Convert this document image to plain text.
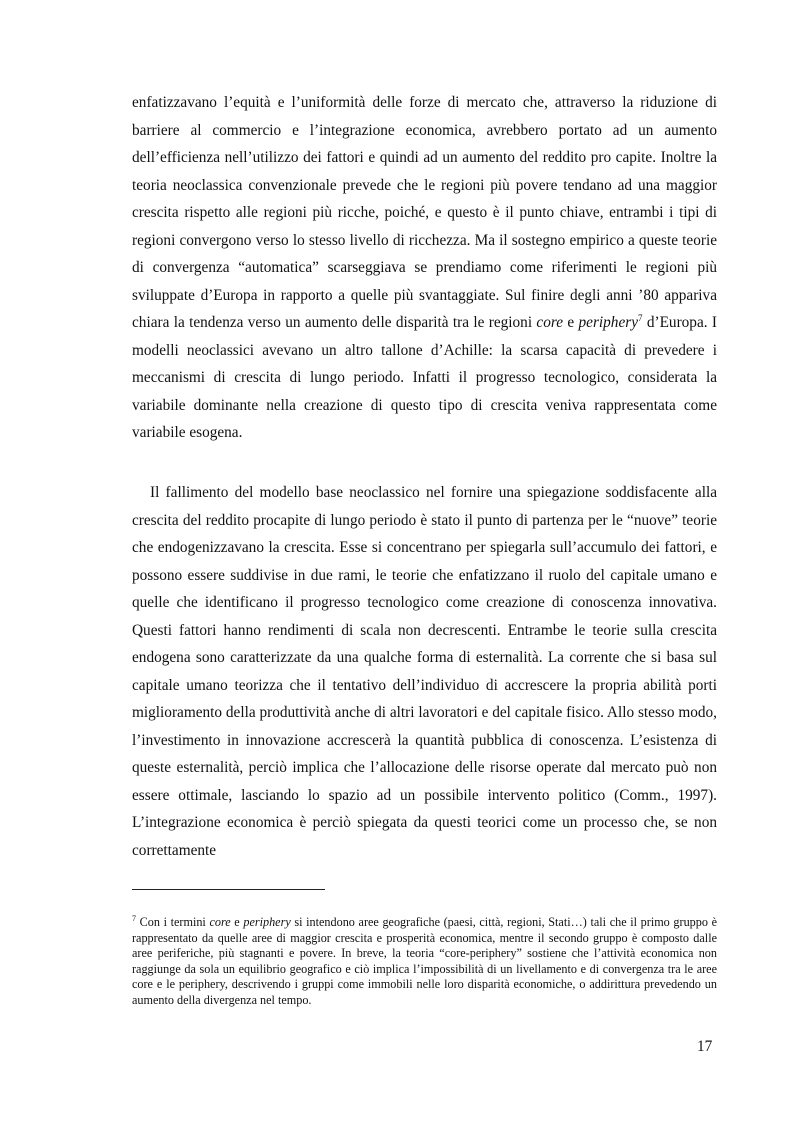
enfatizzavano l’equità e l’uniformità delle forze di mercato che, attraverso la riduzione di barriere al commercio e l’integrazione economica, avrebbero portato ad un aumento dell’efficienza nell’utilizzo dei fattori e quindi ad un aumento del reddito pro capite. Inoltre la teoria neoclassica convenzionale prevede che le regioni più povere tendano ad una maggior crescita rispetto alle regioni più ricche, poiché, e questo è il punto chiave, entrambi i tipi di regioni convergono verso lo stesso livello di ricchezza. Ma il sostegno empirico a queste teorie di convergenza “automatica” scarseggiava se prendiamo come riferimenti le regioni più sviluppate d’Europa in rapporto a quelle più svantaggiate. Sul finire degli anni ’80 appariva chiara la tendenza verso un aumento delle disparità tra le regioni core e periphery$^7$ d’Europa. I modelli neoclassici avevano un altro tallone d’Achille: la scarsa capacità di prevedere i meccanismi di crescita di lungo periodo. Infatti il progresso tecnologico, considerata la variabile dominante nella creazione di questo tipo di crescita veniva rappresentata come variabile esogena.

Il fallimento del modello base neoclassico nel fornire una spiegazione soddisfacente alla crescita del reddito procapite di lungo periodo è stato il punto di partenza per le “nuove” teorie che endogenizzavano la crescita. Esse si concentrano per spiegarla sull’accumulo dei fattori, e possono essere suddivise in due rami, le teorie che enfatizzano il ruolo del capitale umano e quelle che identificano il progresso tecnologico come creazione di conoscenza innovativa. Questi fattori hanno rendimenti di scala non decrescenti. Entrambe le teorie sulla crescita endogena sono caratterizzate da una qualche forma di esternalità. La corrente che si basa sul capitale umano teorizza che il tentativo dell’individuo di accrescere la propria abilità porti miglioramento della produttività anche di altri lavoratori e del capitale fisico. Allo stesso modo, l’investimento in innovazione accrescerà la quantità pubblica di conoscenza. L’esistenza di queste esternalità, perciò implica che l’allocazione delle risorse operate dal mercato può non essere ottimale, lasciando lo spazio ad un possibile intervento politico (Comm., 1997). L’integrazione economica è perciò spiegata da questi teorici come un processo che, se non correttamente

$^7$ Con i termini core e periphery si intendono aree geografiche (paesi, città, regioni, Stati…) tali che il primo gruppo è rappresentato da quelle aree di maggior crescita e prosperità economica, mentre il secondo gruppo è composto dalle aree periferiche, più stagnanti e povere. In breve, la teoria “core-periphery” sostiene che l’attività economica non raggiunge da sola un equilibrio geografico e ciò implica l’impossibilità di un livellamento e di convergenza tra le aree core e le periphery, descrivendo i gruppi come immobili nelle loro disparità economiche, o addirittura prevedendo un aumento della divergenza nel tempo.

17
